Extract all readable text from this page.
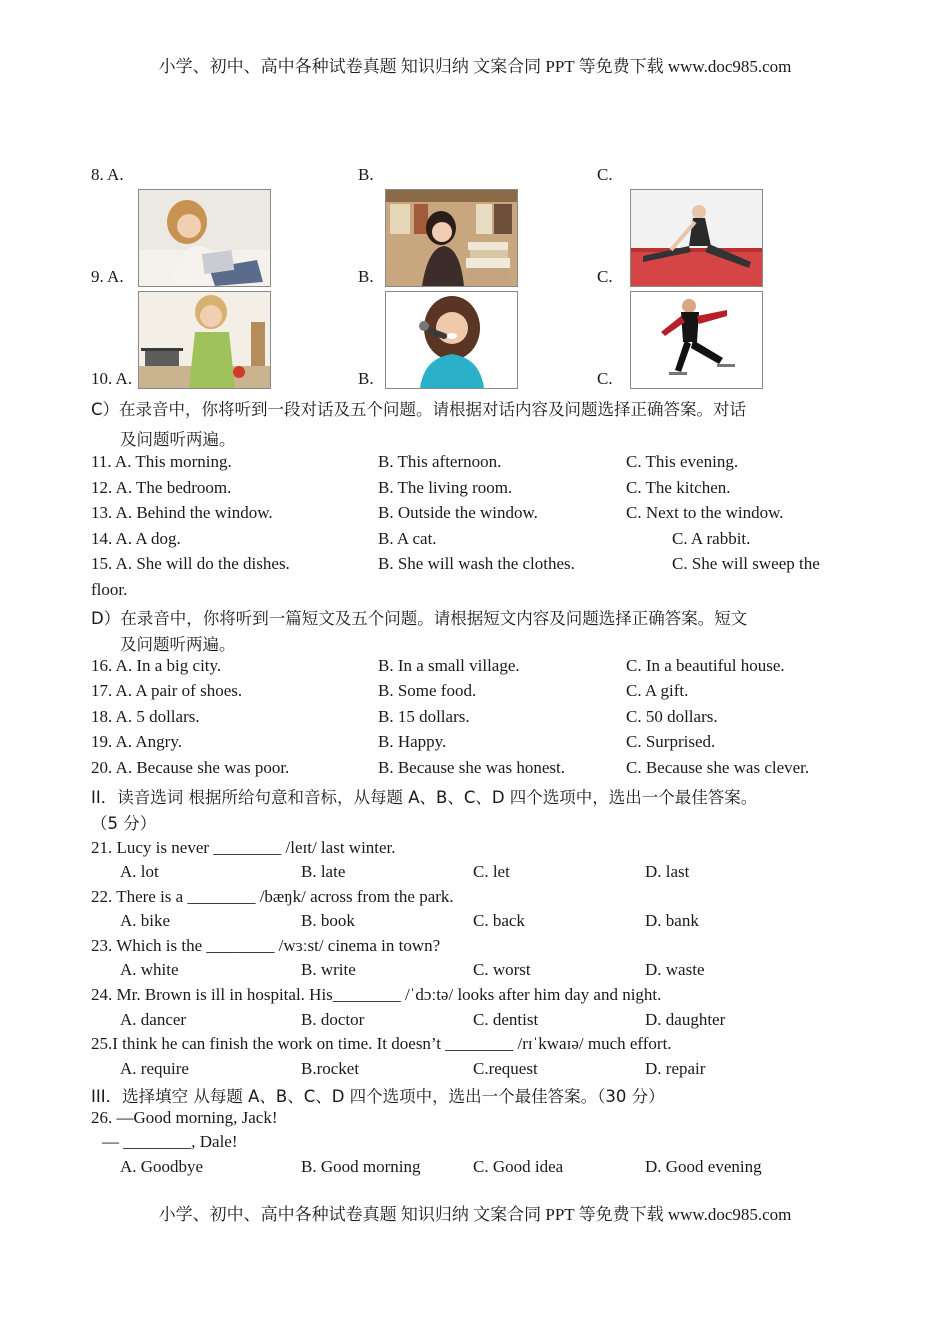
小学、初中、高中各种试卷真题 知识归纳 文案合同 PPT 等免费下载 www.doc985.com
小学、初中、高中各种试卷真题 知识归纳 文案合同 PPT 等免费下载 www.doc985.com
8. A.	B.	C.
9. A.	B.	C.
10. A.	B.	C.
C）在录音中，你将听到一段对话及五个问题。请根据对话内容及问题选择正确答案。对话
及问题听两遍。
11. A. This morning.	B. This afternoon.	C. This evening.
12. A. The bedroom.	B. The living room.	C. The kitchen.
13. A. Behind the window.	B. Outside the window.	C. Next to the window.
14. A. A dog.	B. A cat.	C. A rabbit.
15. A. She will do the dishes.	B. She will wash the clothes.	C. She will sweep the
floor.
D）在录音中，你将听到一篇短文及五个问题。请根据短文内容及问题选择正确答案。短文
及问题听两遍。
16. A. In a big city.	B. In a small village.	C. In a beautiful house.
17. A. A pair of shoes.	B. Some food.	C. A gift.
18. A. 5 dollars.	B. 15 dollars.	C. 50 dollars.
19. A. Angry.	B. Happy.	C. Surprised.
20. A. Because she was poor.	B. Because she was honest.	C. Because she was clever.
II．读音选词 根据所给句意和音标，从每题 A、B、C、D 四个选项中，选出一个最佳答案。
（5 分）
21. Lucy is never ________ /leɪt/ last winter.
A. lot	B. late	C. let	D. last
22. There is a ________ /bæŋk/ across from the park.
A. bike	B. book	C. back	D. bank
23. Which is the ________ /wɜːst/ cinema in town?
A. white	B. write	C. worst	D. waste
24. Mr. Brown is ill in hospital. His________ /ˈdɔːtə/ looks after him day and night.
A. dancer	B. doctor	C. dentist	D. daughter
25.I think he can finish the work on time. It doesn’t ________ /rɪˈkwaɪə/ much effort.
A. require	B.rocket	C.request	D. repair
III．选择填空 从每题 A、B、C、D 四个选项中，选出一个最佳答案。（30 分）
26. —Good morning, Jack!
— ________, Dale!
A. Goodbye	B. Good morning	C. Good idea	D. Good evening
